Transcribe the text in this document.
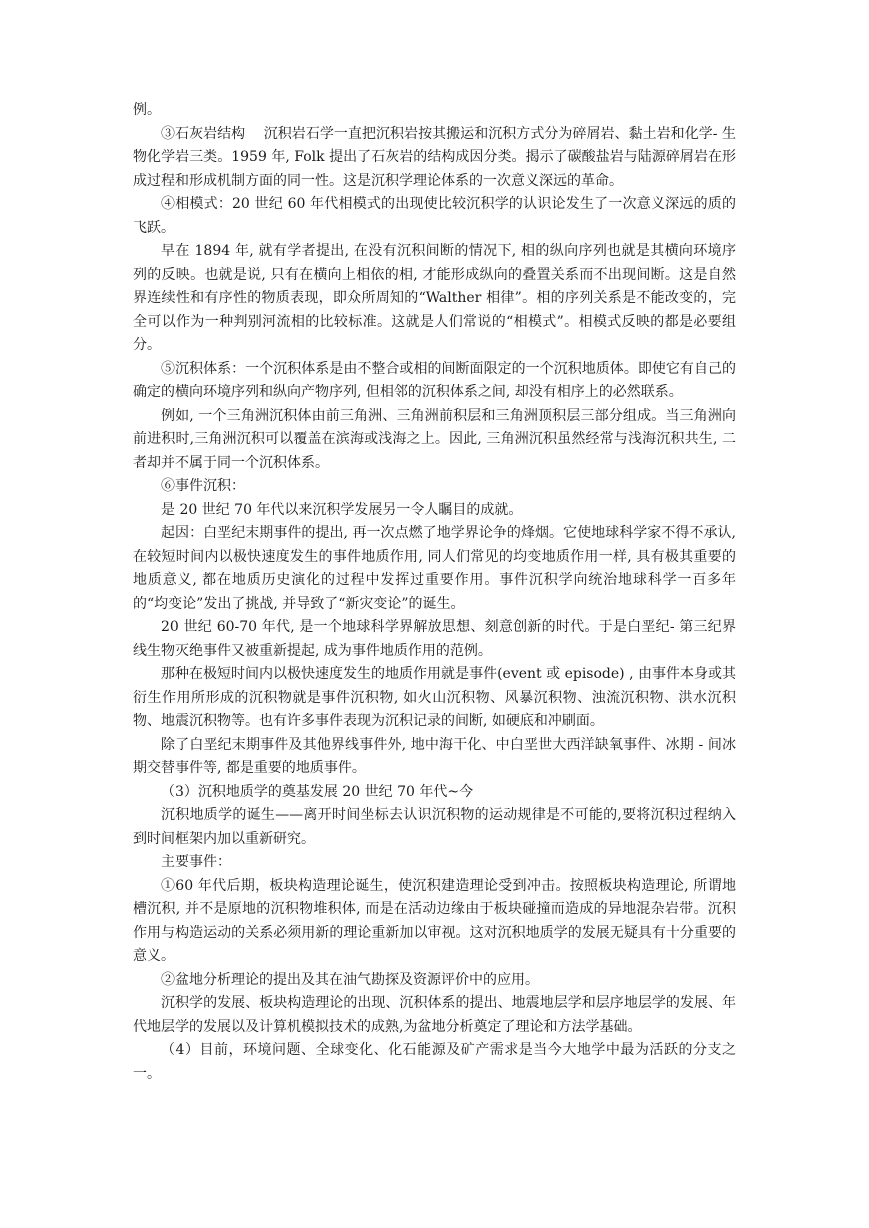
例。

③石灰岩结构　 沉积岩石学一直把沉积岩按其搬运和沉积方式分为碎屑岩、黏土岩和化学- 生物化学岩三类。1959 年, Folk 提出了石灰岩的结构成因分类。揭示了碳酸盐岩与陆源碎屑岩在形成过程和形成机制方面的同一性。这是沉积学理论体系的一次意义深远的革命。

④相模式：20 世纪 60 年代相模式的出现使比较沉积学的认识论发生了一次意义深远的质的飞跃。

早在 1894 年, 就有学者提出, 在没有沉积间断的情况下, 相的纵向序列也就是其横向环境序列的反映。也就是说, 只有在横向上相依的相, 才能形成纵向的叠置关系而不出现间断。这是自然界连续性和有序性的物质表现，即众所周知的“Walther 相律”。相的序列关系是不能改变的，完全可以作为一种判别河流相的比较标准。这就是人们常说的“相模式”。相模式反映的都是必要组分。

⑤沉积体系：一个沉积体系是由不整合或相的间断面限定的一个沉积地质体。即使它有自己的确定的横向环境序列和纵向产物序列, 但相邻的沉积体系之间, 却没有相序上的必然联系。

例如, 一个三角洲沉积体由前三角洲、三角洲前积层和三角洲顶积层三部分组成。当三角洲向前进积时,三角洲沉积可以覆盖在滨海或浅海之上。因此, 三角洲沉积虽然经常与浅海沉积共生, 二者却并不属于同一个沉积体系。

⑥事件沉积：

是 20 世纪 70 年代以来沉积学发展另一令人瞩目的成就。

起因：白垩纪末期事件的提出, 再一次点燃了地学界论争的烽烟。它使地球科学家不得不承认, 在较短时间内以极快速度发生的事件地质作用, 同人们常见的均变地质作用一样, 具有极其重要的地质意义, 都在地质历史演化的过程中发挥过重要作用。事件沉积学向统治地球科学一百多年的“均变论”发出了挑战, 并导致了“新灾变论”的诞生。

20 世纪 60-70 年代, 是一个地球科学界解放思想、刻意创新的时代。于是白垩纪- 第三纪界线生物灭绝事件又被重新提起, 成为事件地质作用的范例。

那种在极短时间内以极快速度发生的地质作用就是事件(event 或 episode) , 由事件本身或其衍生作用所形成的沉积物就是事件沉积物, 如火山沉积物、风暴沉积物、浊流沉积物、洪水沉积物、地震沉积物等。也有许多事件表现为沉积记录的间断, 如硬底和冲刷面。

除了白垩纪末期事件及其他界线事件外, 地中海干化、中白垩世大西洋缺氧事件、冰期 - 间冰期交替事件等, 都是重要的地质事件。

（3）沉积地质学的奠基发展 20 世纪 70 年代~今

沉积地质学的诞生——离开时间坐标去认识沉积物的运动规律是不可能的,要将沉积过程纳入到时间框架内加以重新研究。

主要事件：

①60 年代后期，板块构造理论诞生，使沉积建造理论受到冲击。按照板块构造理论, 所谓地槽沉积, 并不是原地的沉积物堆积体, 而是在活动边缘由于板块碰撞而造成的异地混杂岩带。沉积作用与构造运动的关系必须用新的理论重新加以审视。这对沉积地质学的发展无疑具有十分重要的意义。

②盆地分析理论的提出及其在油气勘探及资源评价中的应用。

沉积学的发展、板块构造理论的出现、沉积体系的提出、地震地层学和层序地层学的发展、年代地层学的发展以及计算机模拟技术的成熟,为盆地分析奠定了理论和方法学基础。

（4）目前，环境问题、全球变化、化石能源及矿产需求是当今大地学中最为活跃的分支之一。
